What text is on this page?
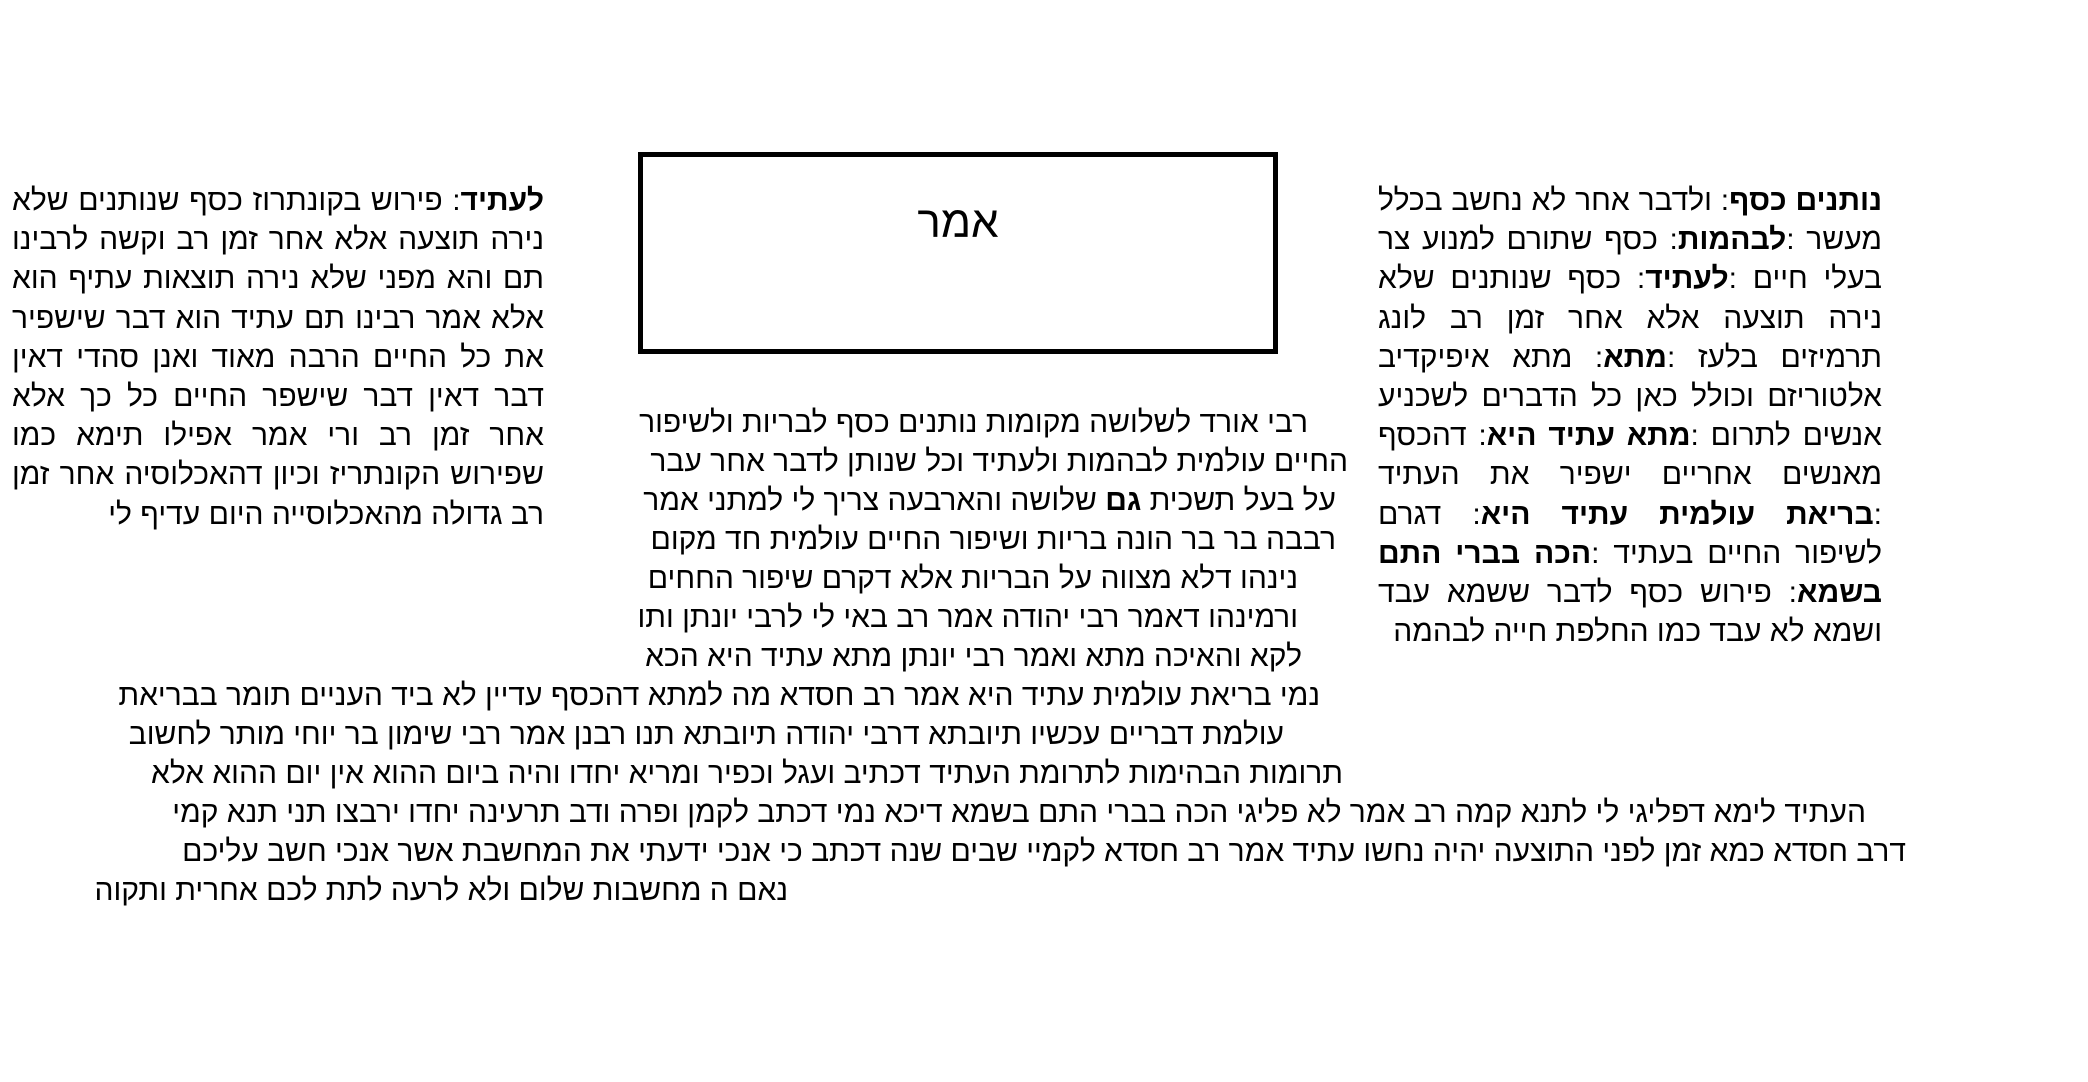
אמר	נותנים כסף: ולדבר אחר לא נחשב בכלל מעשר :לבהמות: כסף שתורם למנוע צר בעלי חיים :לעתיד: כסף שנותנים שלא נירה תוצעה אלא אחר זמן רב לונג תרמיזים בלעז :מתא: מתא איפיקדיב אלטוריזם וכולל כאן כל הדברים לשכניע אנשים לתרום :מתא עתיד היא: דהכסף מאנשים אחריים ישפיר את העתיד :בריאת עולמית עתיד היא: דגרם לשיפור החיים בעתיד :הכה בברי התם בשמא: פירוש כסף לדבר ששמא עבד ושמא לא עבד כמו החלפת חייה לבהמה

לעתיד: פירוש בקונתרוז כסף שנותנים שלא נירה תוצעה אלא אחר זמן רב וקשה לרבינו תם והא מפני שלא נירה תוצאות עתיף הוא אלא אמר רבינו תם עתיד הוא דבר שישפיר את כל החיים הרבה מאוד ואנן סהדי דאין דבר דאין דבר שישפר החיים כל כך אלא אחר זמן רב ורי אמר אפילו תימא כמו שפירוש הקונתריז וכיון דהאכלוסיה אחר זמן רב גדולה מהאכלוסייה היום עדיף לי

רבי אורד לשלושה מקומות נותנים כסף לבריות ולשיפור
החיים עולמית לבהמות ולעתיד וכל שנותן לדבר אחר עבר
על בעל תשכית גם שלושה והארבעה צריך לי למתני אמר
רבבה בר בר הונה בריות ושיפור החיים עולמית חד מקום
נינהו דלא מצווה על הבריות אלא דקרם שיפור החחים
ורמינהו דאמר רבי יהודה אמר רב באי לי לרבי יונתן ותו
לקא והאיכה מתא ואמר רבי יונתן מתא עתיד היא הכא
נמי בריאת עולמית עתיד היא אמר רב חסדא מה למתא דהכסף עדיין לא ביד העניים תומר בבריאת
עולמת דבריים עכשיו תיובתא דרבי יהודה תיובתא תנו רבנן אמר רבי שימון בר יוחי מותר לחשוב
תרומות הבהימות לתרומת העתיד דכתיב ועגל וכפיר ומריא יחדו והיה ביום ההוא אין יום ההוא אלא
העתיד לימא דפליגי לי לתנא קמה רב אמר לא פליגי הכה בברי התם בשמא דיכא נמי דכתב לקמן ופרה ודב תרעינה יחדו ירבצו תני תנא קמי
דרב חסדא כמא זמן לפני התוצעה יהיה נחשו עתיד אמר רב חסדא לקמיי שבים שנה דכתב כי אנכי ידעתי את המחשבת אשר אנכי חשב עליכם
נאם ה מחשבות שלום ולא לרעה לתת לכם אחרית ותקוה
